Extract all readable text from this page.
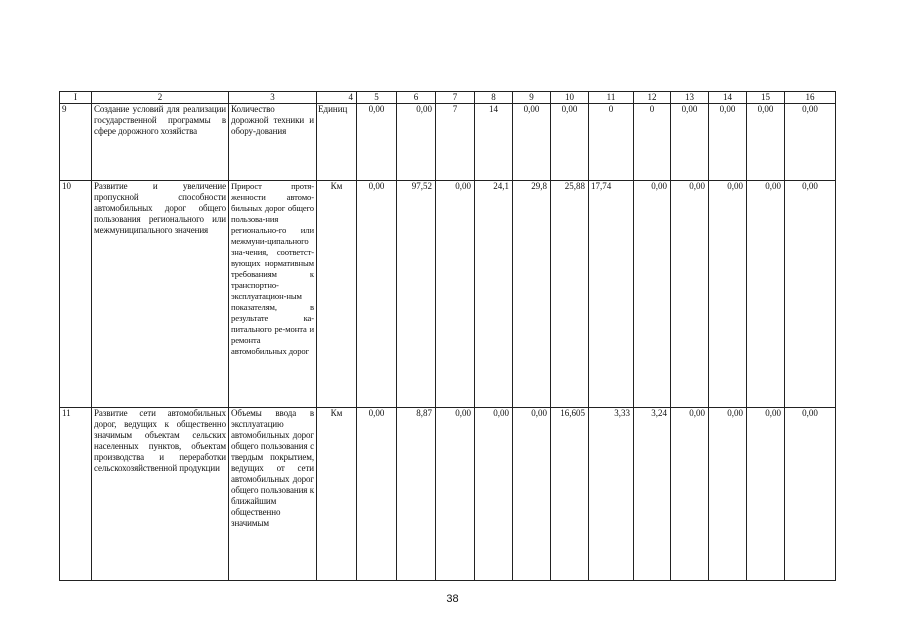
I	2	3	4	5	6	7	8	9	10	11	12	13	14	15	16
9	Создание условий для реализации государственной программы в сфере дорожного хозяйства	Количество дорожной техники и обору-дования	Единиц	0,00	0,00	7	14	0,00	0,00	0	0	0,00	0,00	0,00	0,00
10	Развитие и увеличение пропускной способности автомобильных дорог общего пользования регионального или межмуниципального значения	Прирост протя-женности автомо-бильных дорог общего пользова-ния регионально-го или межмуни-ципального зна-чения, соответст-вующих нормативным требованиям к транспортно-эксплуатацион-ным показателям, в результате ка-питального ре-монта и ремонта автомобильных дорог	Км	0,00	97,52	0,00	24,1	29,8	25,88	17,74	0,00	0,00	0,00	0,00	0,00
11	Развитие сети автомобильных дорог, ведущих к общественно значимым объектам сельских населенных пунктов, объектам производства и переработки сельскохозяйственной продукции	Объемы ввода в эксплуатацию автомобильных дорог общего пользования с твердым покрытием, ведущих от сети автомобильных дорог общего пользования к ближайшим общественно значимым	Км	0,00	8,87	0,00	0,00	0,00	16,605	3,33	3,24	0,00	0,00	0,00	0,00
38
